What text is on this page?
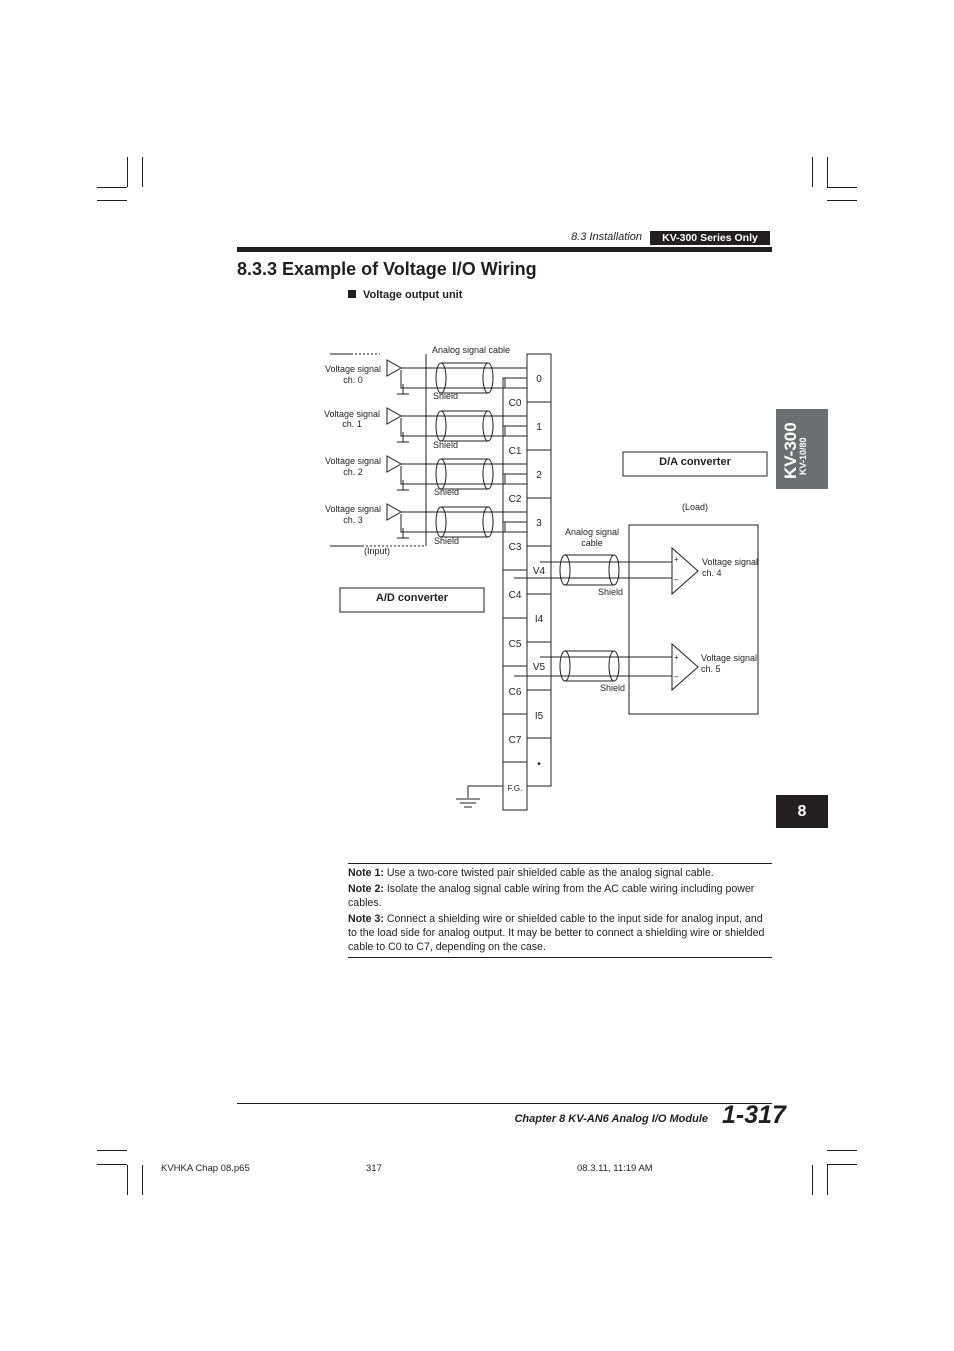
8.3 Installation	KV-300 Series Only
8.3.3 Example of Voltage I/O Wiring
Voltage output unit
KV-300
KV-10/80
8
Voltage signal
ch. 0
Voltage signal
ch. 1
Voltage signal
ch. 2
Voltage signal
ch. 3
Analog signal cable
Shield
Shield
Shield
Shield
(Input)
A/D converter
D/A converter
(Load)
Analog signal
cable
Shield
Shield
Voltage signal
ch. 4
Voltage signal
ch. 5
+
–
+
–
0
1
2
3
V4
I4
V5
I5
•
C0
C1
C2
C3
C4
C5
C6
C7
F.G.

Note 1: Use a two-core twisted pair shielded cable as the analog signal cable.

Note 2: Isolate the analog signal cable wiring from the AC cable wiring including power cables.

Note 3: Connect a shielding wire or shielded cable to the input side for analog input, and to the load side for analog output. It may be better to connect a shielding wire or shielded cable to C0 to C7, depending on the case.

Chapter 8 KV-AN6 Analog I/O Module 1-317
KVHKA Chap 08.p65	317	08.3.11, 11:19 AM
